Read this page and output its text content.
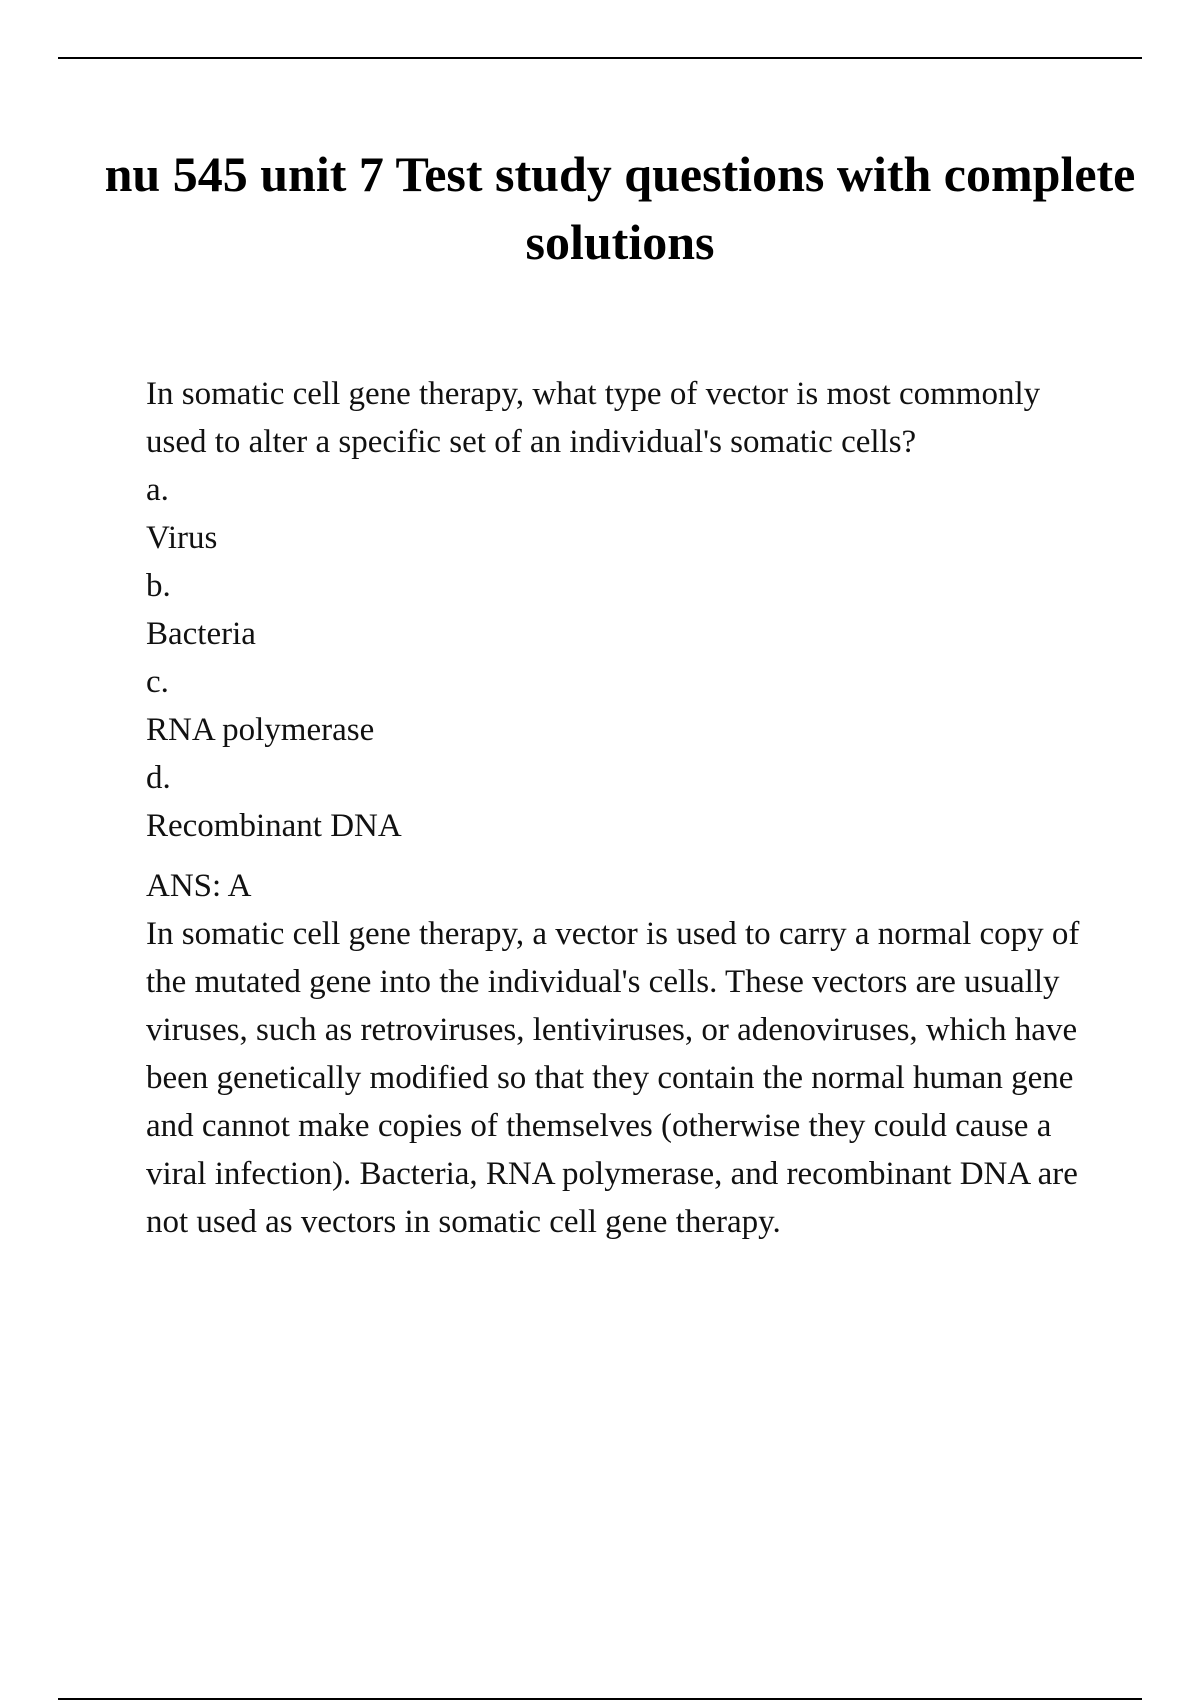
nu 545 unit 7 Test study questions with complete solutions

In somatic cell gene therapy, what type of vector is most commonly used to alter a specific set of an individual's somatic cells?

a.
Virus
b.
Bacteria
c.
RNA polymerase
d.
Recombinant DNA

ANS: A

In somatic cell gene therapy, a vector is used to carry a normal copy of the mutated gene into the individual's cells. These vectors are usually viruses, such as retroviruses, lentiviruses, or adenoviruses, which have been genetically modified so that they contain the normal human gene and cannot make copies of themselves (otherwise they could cause a viral infection). Bacteria, RNA polymerase, and recombinant DNA are not used as vectors in somatic cell gene therapy.
